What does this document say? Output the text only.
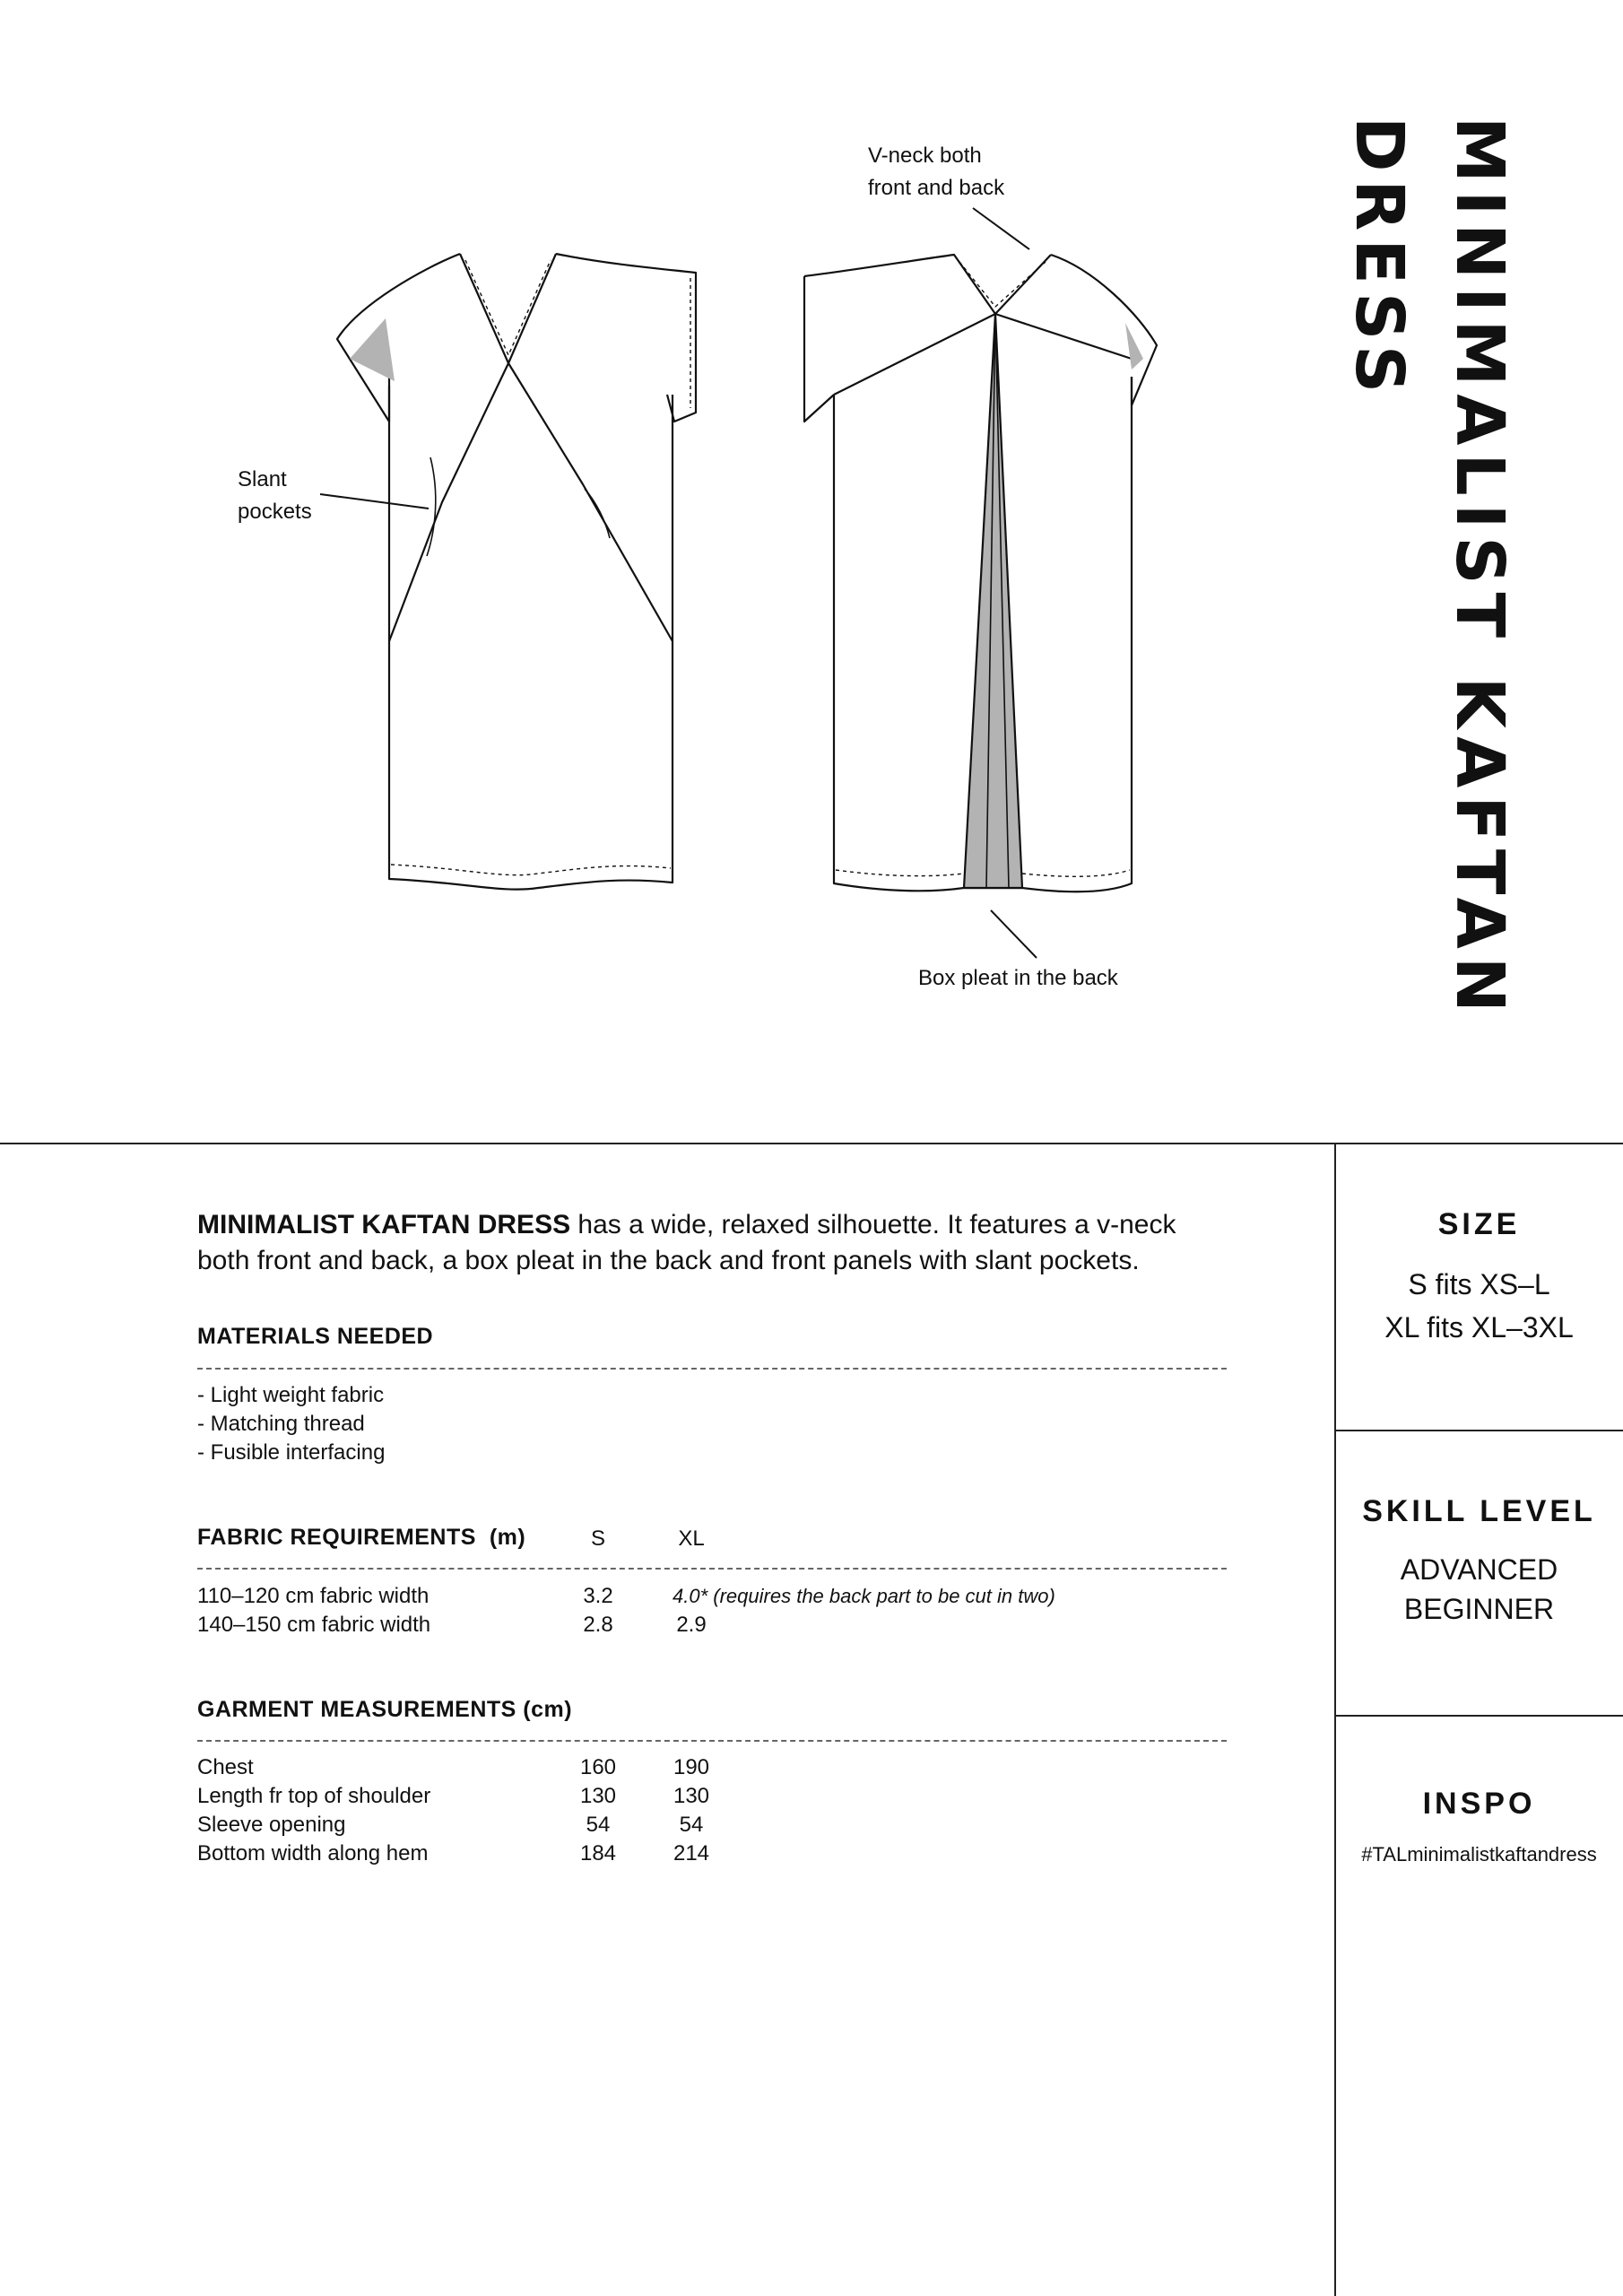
V-neck both
front and back
Slant
pockets
Box pleat in the back	MINIMALIST KAFTAN
DRESS
MINIMALIST KAFTAN DRESS has a wide, relaxed silhouette. It features a v-neck
both front and back, a box pleat in the back and front panels with slant pockets.
MATERIALS NEEDED
- Light weight fabric
- Matching thread
- Fusible interfacing
FABRIC REQUIREMENTS (m)	S	XL
110–120 cm fabric width	3.2	4.0* (requires the back part to be cut in two)
140–150 cm fabric width	2.8	2.9
GARMENT MEASUREMENTS (cm)
Chest	160	190
Length fr top of shoulder	130	130
Sleeve opening	54	54
Bottom width along hem	184	214
SIZE
S fits XS–L
XL fits XL–3XL
SKILL LEVEL
ADVANCED
BEGINNER
INSPO
#TALminimalistkaftandress
